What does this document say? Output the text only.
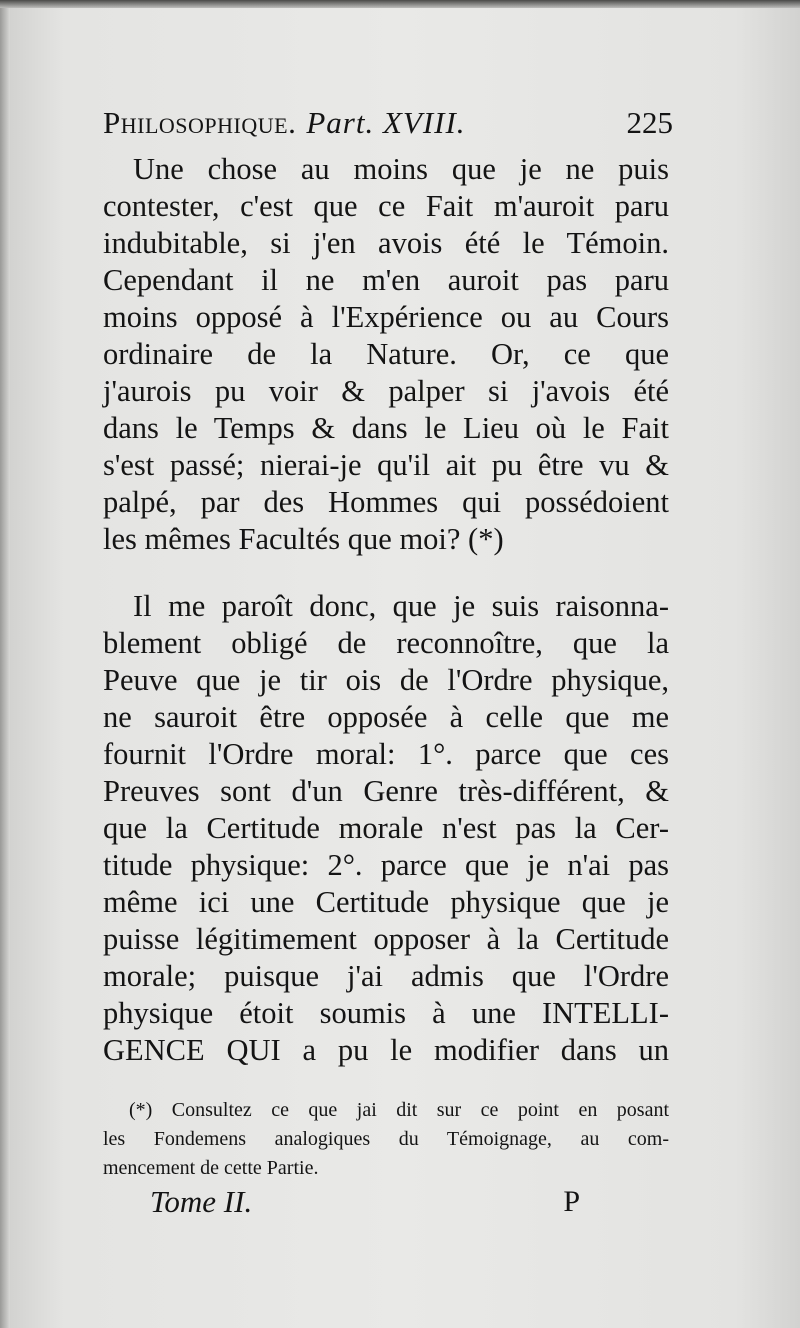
Philosophique. Part. XVIII.	225

Une chose au moins que je ne puis
contester, c'est que ce Fait m'auroit paru
indubitable, si j'en avois été le Témoin.
Cependant il ne m'en auroit pas paru
moins opposé à l'Expérience ou au Cours
ordinaire de la Nature. Or, ce que
j'aurois pu voir & palper si j'avois été
dans le Temps & dans le Lieu où le Fait
s'est passé; nierai-je qu'il ait pu être vu &
palpé, par des Hommes qui possédoient
les mêmes Facultés que moi? (*)
Il me paroît donc, que je suis raisonna-
blement obligé de reconnoître, que la
Peuve que je tir ois de l'Ordre physique,
ne sauroit être opposée à celle que me
fournit l'Ordre moral: 1°. parce que ces
Preuves sont d'un Genre très-différent, &
que la Certitude morale n'est pas la Cer-
titude physique: 2°. parce que je n'ai pas
même ici une Certitude physique que je
puisse légitimement opposer à la Certitude
morale; puisque j'ai admis que l'Ordre
physique étoit soumis à une INTELLI-
GENCE QUI a pu le modifier dans un

(*) Consultez ce que jai dit sur ce point en posant
les Fondemens analogiques du Témoignage, au com-
mencement de cette Partie.
Tome II.	P
